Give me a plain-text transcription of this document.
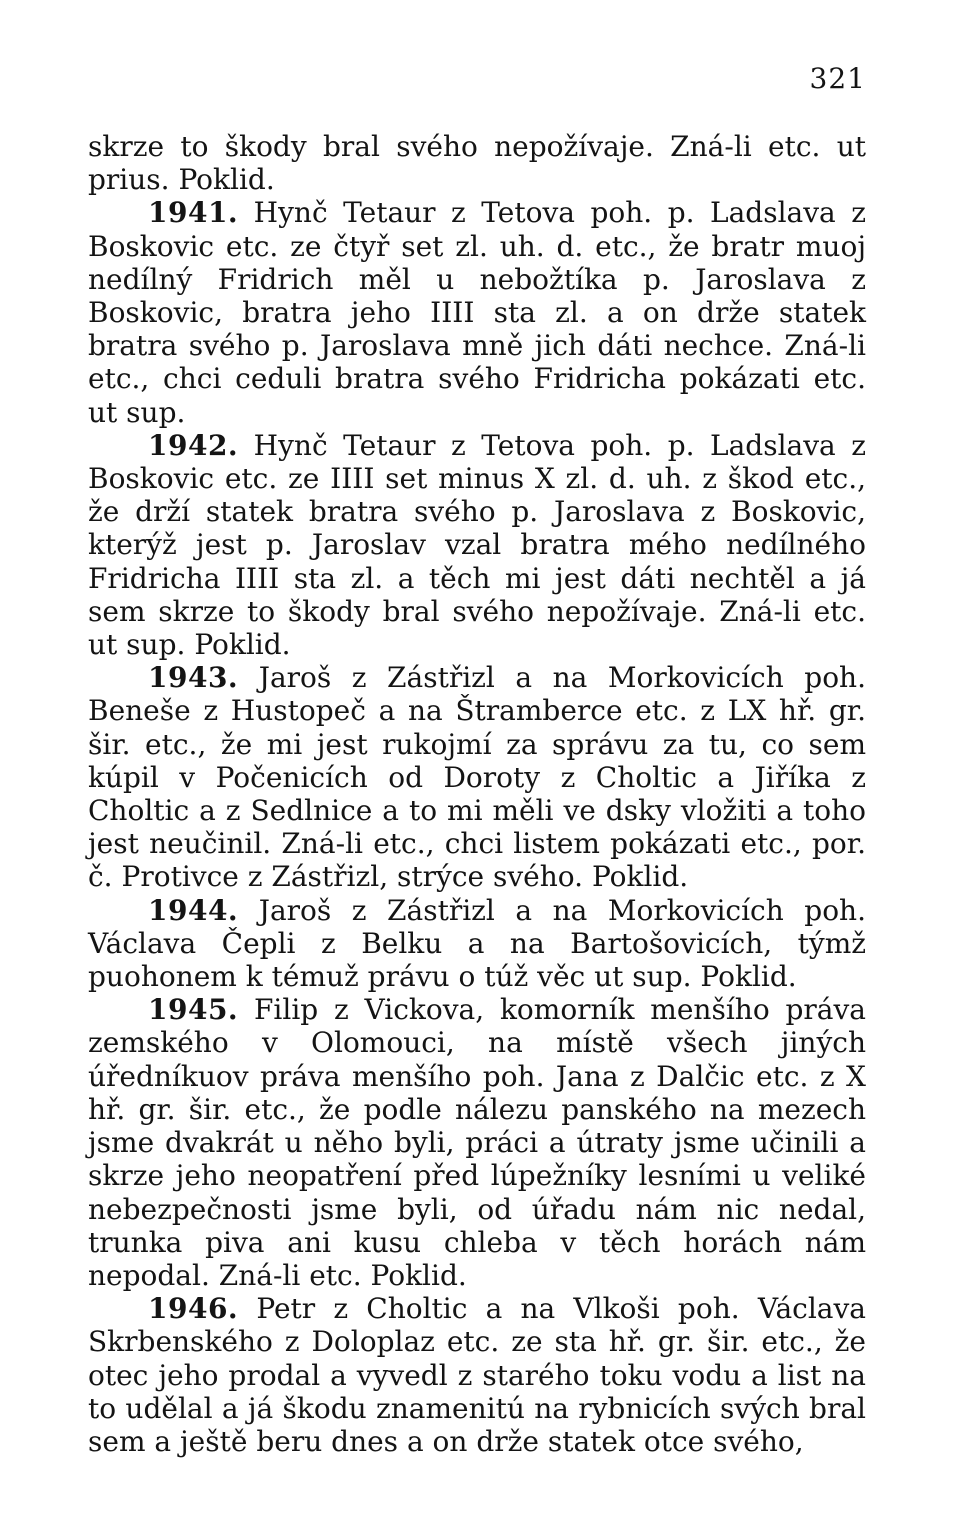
321

skrze to škody bral svého nepožívaje. Zná-li etc. ut prius. Poklid.

1941. Hynč Tetaur z Tetova poh. p. Ladslava z Boskovic etc. ze čtyř set zl. uh. d. etc., že bratr muoj nedílný Fridrich měl u nebožtíka p. Jaroslava z Boskovic, bratra jeho IIII sta zl. a on drže statek bratra svého p. Jaroslava mně jich dáti nechce. Zná-li etc., chci ceduli bratra svého Fridricha pokázati etc. ut sup.

1942. Hynč Tetaur z Tetova poh. p. Ladslava z Boskovic etc. ze IIII set minus X zl. d. uh. z škod etc., že drží statek bratra svého p. Jaroslava z Boskovic, kterýž jest p. Jaroslav vzal bratra mého nedílného Fridricha IIII sta zl. a těch mi jest dáti nechtěl a já sem skrze to škody bral svého nepožívaje. Zná-li etc. ut sup. Poklid.

1943. Jaroš z Zástřizl a na Morkovicích poh. Beneše z Hustopeč a na Štramberce etc. z LX hř. gr. šir. etc., že mi jest rukojmí za správu za tu, co sem kúpil v Počenicích od Doroty z Choltic a Jiříka z Choltic a z Sedlnice a to mi měli ve dsky vložiti a toho jest neučinil. Zná-li etc., chci listem pokázati etc., por. č. Protivce z Zástřizl, strýce svého. Poklid.

1944. Jaroš z Zástřizl a na Morkovicích poh. Václava Čepli z Belku a na Bartošovicích, týmž puohonem k témuž právu o túž věc ut sup. Poklid.

1945. Filip z Vickova, komorník menšího práva zemského v Olomouci, na místě všech jiných úředníkuov práva menšího poh. Jana z Dalčic etc. z X hř. gr. šir. etc., že podle nálezu panského na mezech jsme dvakrát u něho byli, práci a útraty jsme učinili a skrze jeho neopatření před lúpežníky lesními u veliké nebezpečnosti jsme byli, od úřadu nám nic nedal, trunka piva ani kusu chleba v těch horách nám nepodal. Zná-li etc. Poklid.

1946. Petr z Choltic a na Vlkoši poh. Václava Skrbenského z Doloplaz etc. ze sta hř. gr. šir. etc., že otec jeho prodal a vyvedl z starého toku vodu a list na to udělal a já škodu znamenitú na rybnicích svých bral sem a ještě beru dnes a on drže statek otce svého,
